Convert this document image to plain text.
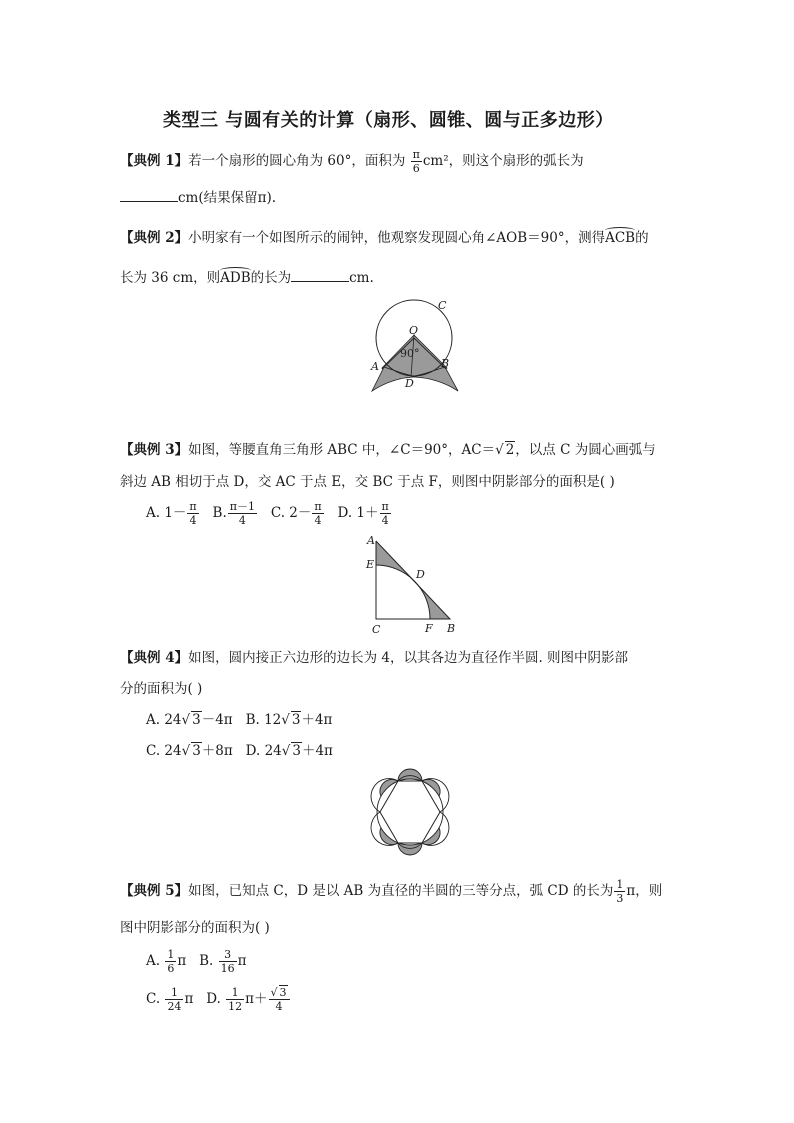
类型三 与圆有关的计算（扇形、圆锥、圆与正多边形）
【典例 1】若一个扇形的圆心角为 60°，面积为 $\frac{\pi}{6} cm^2$，则这个扇形的弧长为
cm(结果保留π).
【典例 2】小明家有一个如图所示的闹钟，他观察发现圆心角∠AOB＝90°，测得ACB的
长为 36 cm，则ADB的长为	cm.
O
C
A	B
D
90°
【典例 3】如图，等腰直角三角形 ABC 中，∠C＝90°，AC＝√ 2，以点 C 为圆心画弧与
斜边 AB 相切于点 D，交 AC 于点 E，交 BC 于点 F，则图中阴影部分的面积是( )
A. $1- \frac{\pi}{4} B$. $\frac{\pi-1}{4} C$. $2- \frac{\pi}{4} D$. $1+ \frac{\pi}{4}$
A
E
D
C	F B
【典例 4】如图，圆内接正六边形的边长为 4，以其各边为直径作半圆. 则图中阴影部
分的面积为( )
A. 24√ 3－4π B. 12√ 3＋4π
C. 24√ 3＋8π D. 24√ 3＋4π
【典例 5】如图，已知点 C，D 是以 AB 为直径的半圆的三等分点，弧 CD 的长为 $\frac{1}{3}$ π，则
图中阴影部分的面积为( )
A. $\frac{1}{6}$ π B. $\frac{3}{16}$ π
C. $\frac{1}{24}$ π D. $\frac{1}{12} \pi+ \frac{√ 3}{4}$
